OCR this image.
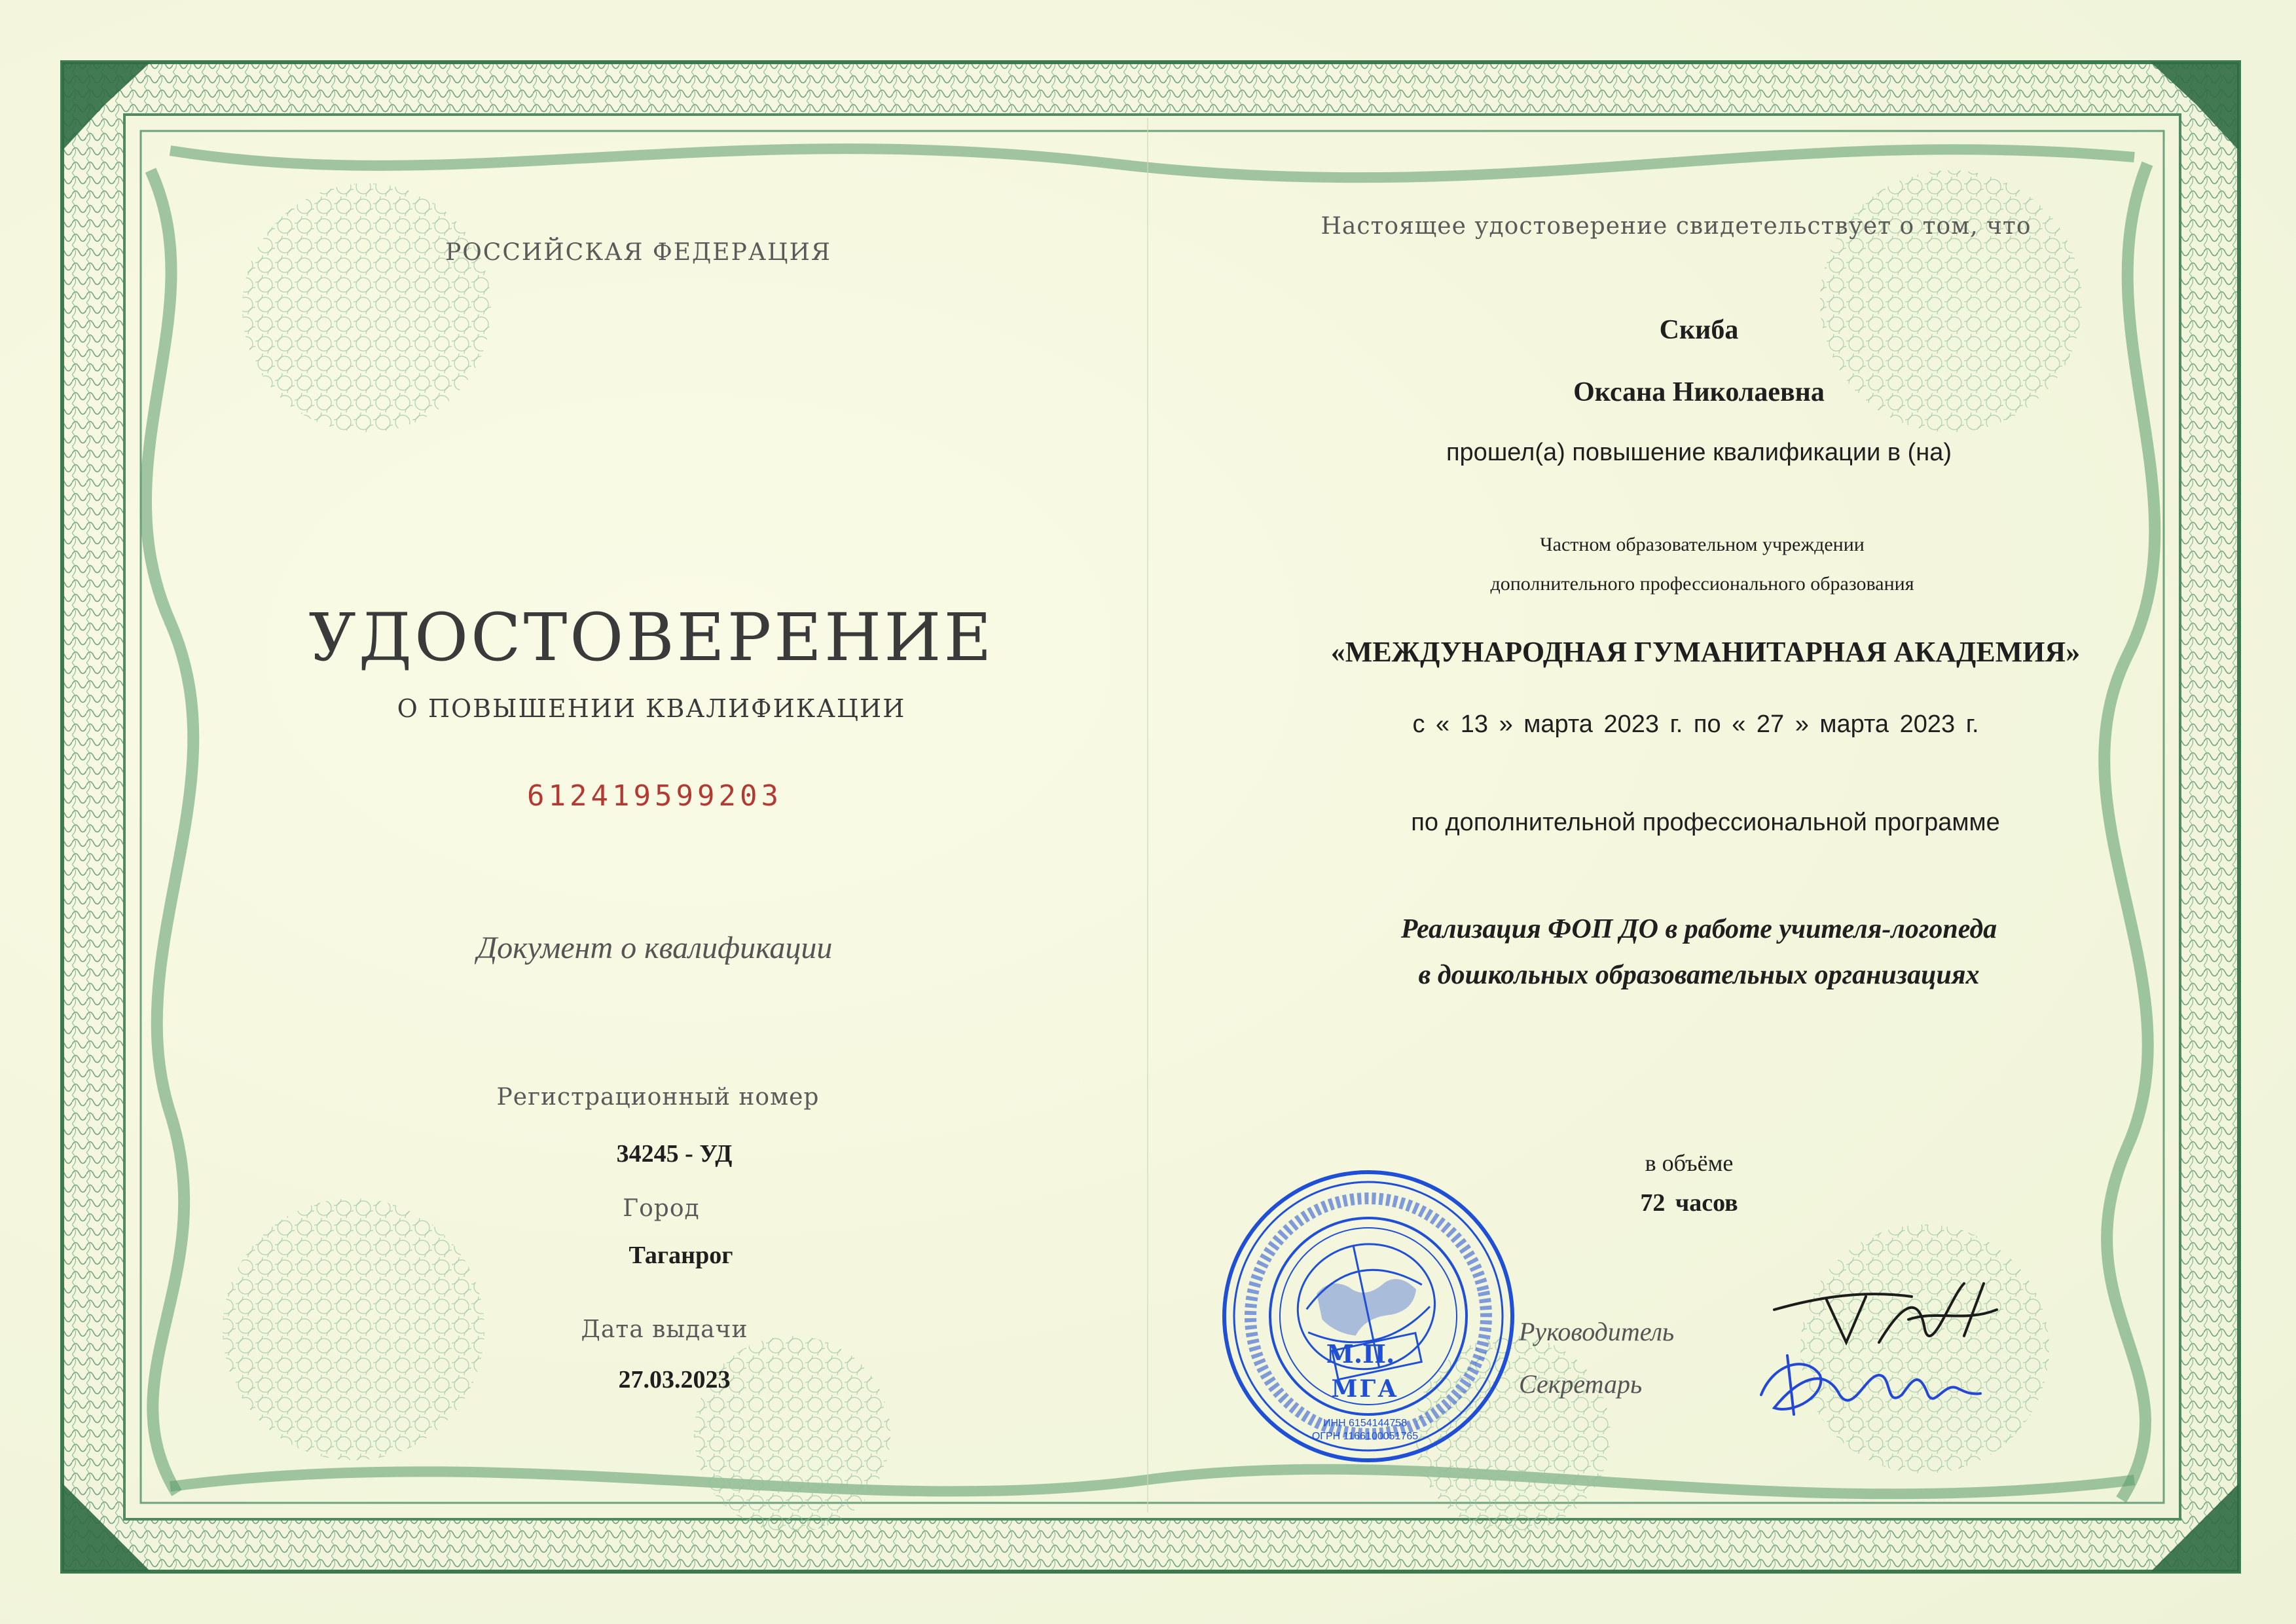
РОССИЙСКАЯ ФЕДЕРАЦИЯ
УДОСТОВЕРЕНИЕ
О ПОВЫШЕНИИ КВАЛИФИКАЦИИ
612419599203
Документ о квалификации
Регистрационный номер
34245 - УД
Город
Таганрог
Дата выдачи
27.03.2023
Настоящее удостоверение свидетельствует о том, что
Скиба
Оксана Николаевна
прошел(а) повышение квалификации в (на)
Частном образовательном учреждении
дополнительного профессионального образования
«МЕЖДУНАРОДНАЯ ГУМАНИТАРНАЯ АКАДЕМИЯ»
с « 13 » марта 2023 г. по « 27 » марта 2023 г.
по дополнительной профессиональной программе
Реализация ФОП ДО в работе учителя-логопеда
в дошкольных образовательных организациях
в объёме
72 часов
Руководитель
Секретарь
М.П.
МГА
ИНН 6154144758
ОГРН 1166100051765
